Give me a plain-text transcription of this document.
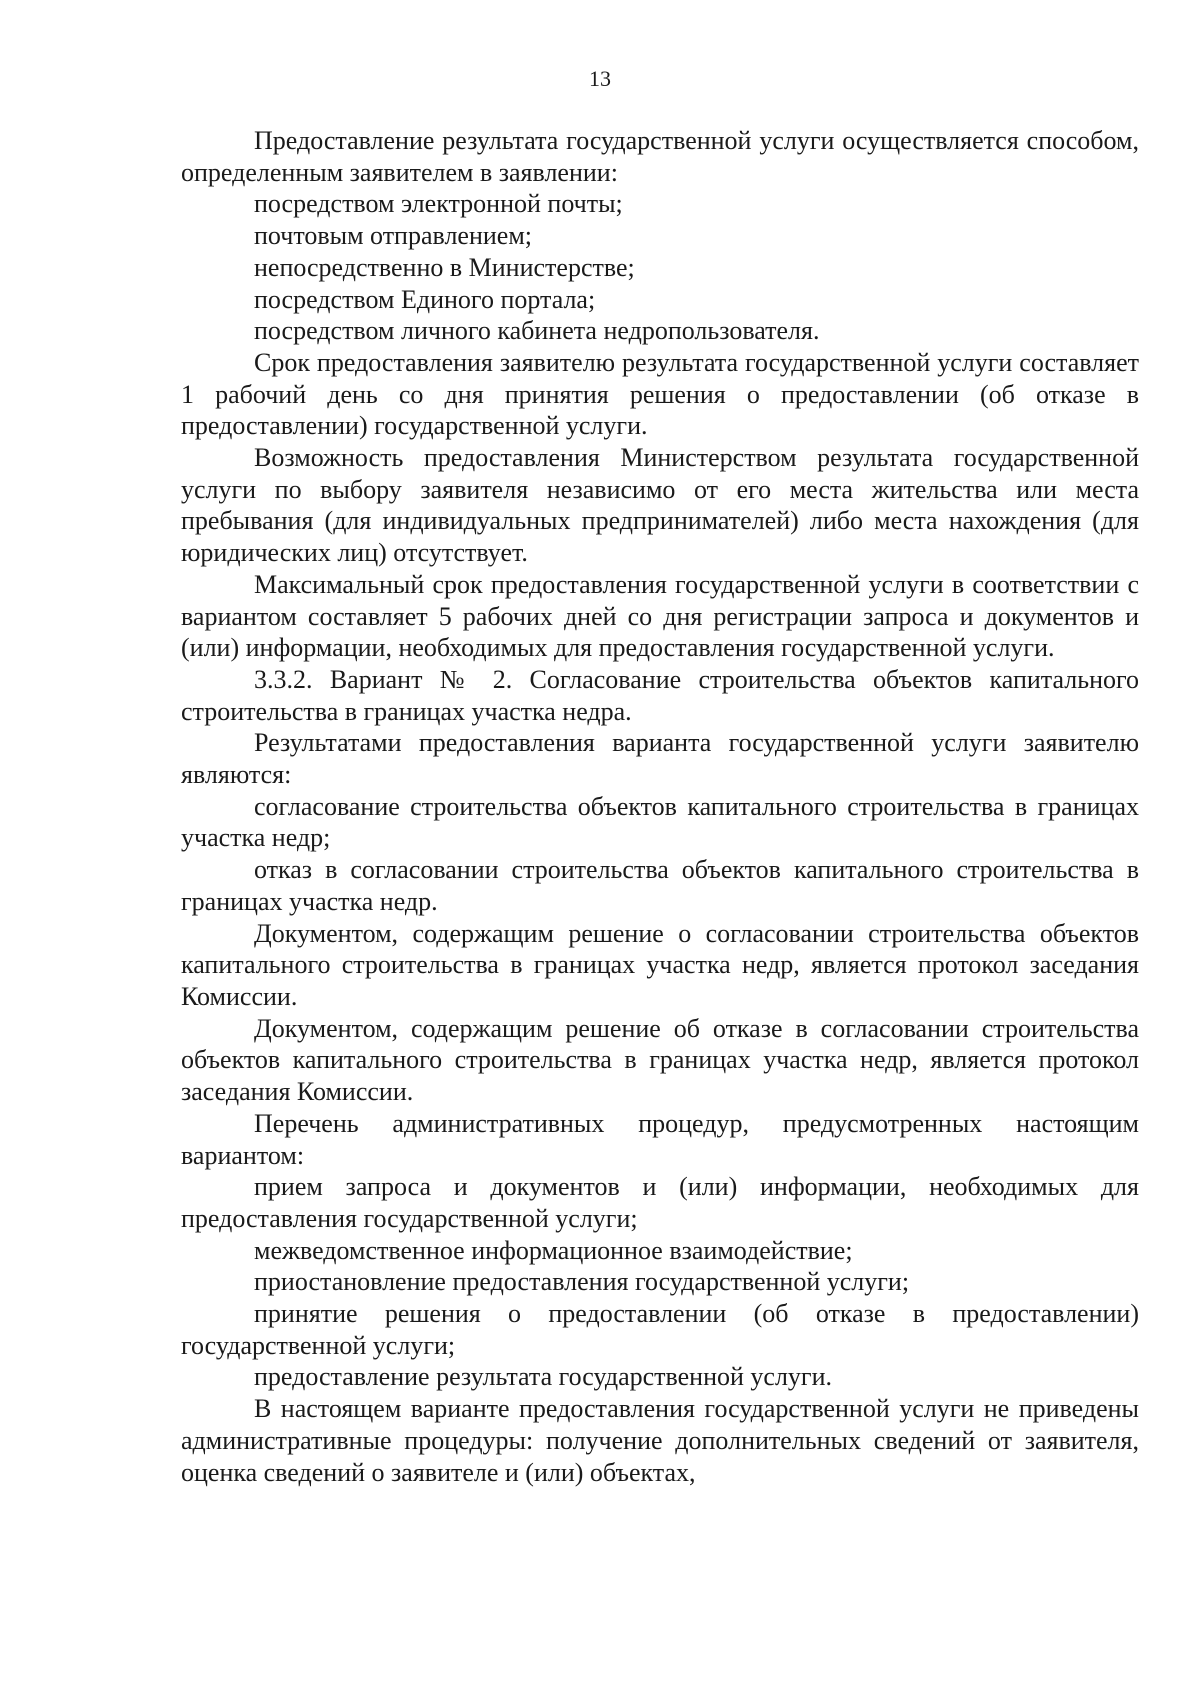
13

Предоставление результата государственной услуги осуществляется способом, определенным заявителем в заявлении:

посредством электронной почты;

почтовым отправлением;

непосредственно в Министерстве;

посредством Единого портала;

посредством личного кабинета недропользователя.

Срок предоставления заявителю результата государственной услуги составляет 1 рабочий день со дня принятия решения о предоставлении (об отказе в предоставлении) государственной услуги.

Возможность предоставления Министерством результата государственной услуги по выбору заявителя независимо от его места жительства или места пребывания (для индивидуальных предпринимателей) либо места нахождения (для юридических лиц) отсутствует.

Максимальный срок предоставления государственной услуги в соответствии с вариантом составляет 5 рабочих дней со дня регистрации запроса и документов и (или) информации, необходимых для предоставления государственной услуги.

3.3.2. Вариант № 2. Согласование строительства объектов капитального строительства в границах участка недра.

Результатами предоставления варианта государственной услуги заявителю являются:

согласование строительства объектов капитального строительства в границах участка недр;

отказ в согласовании строительства объектов капитального строительства в границах участка недр.

Документом, содержащим решение о согласовании строительства объектов капитального строительства в границах участка недр, является протокол заседания Комиссии.

Документом, содержащим решение об отказе в согласовании строительства объектов капитального строительства в границах участка недр, является протокол заседания Комиссии.

Перечень административных процедур, предусмотренных настоящим вариантом:

прием запроса и документов и (или) информации, необходимых для предоставления государственной услуги;

межведомственное информационное взаимодействие;

приостановление предоставления государственной услуги;

принятие решения о предоставлении (об отказе в предоставлении) государственной услуги;

предоставление результата государственной услуги.

В настоящем варианте предоставления государственной услуги не приведены административные процедуры: получение дополнительных сведений от заявителя, оценка сведений о заявителе и (или) объектах,
